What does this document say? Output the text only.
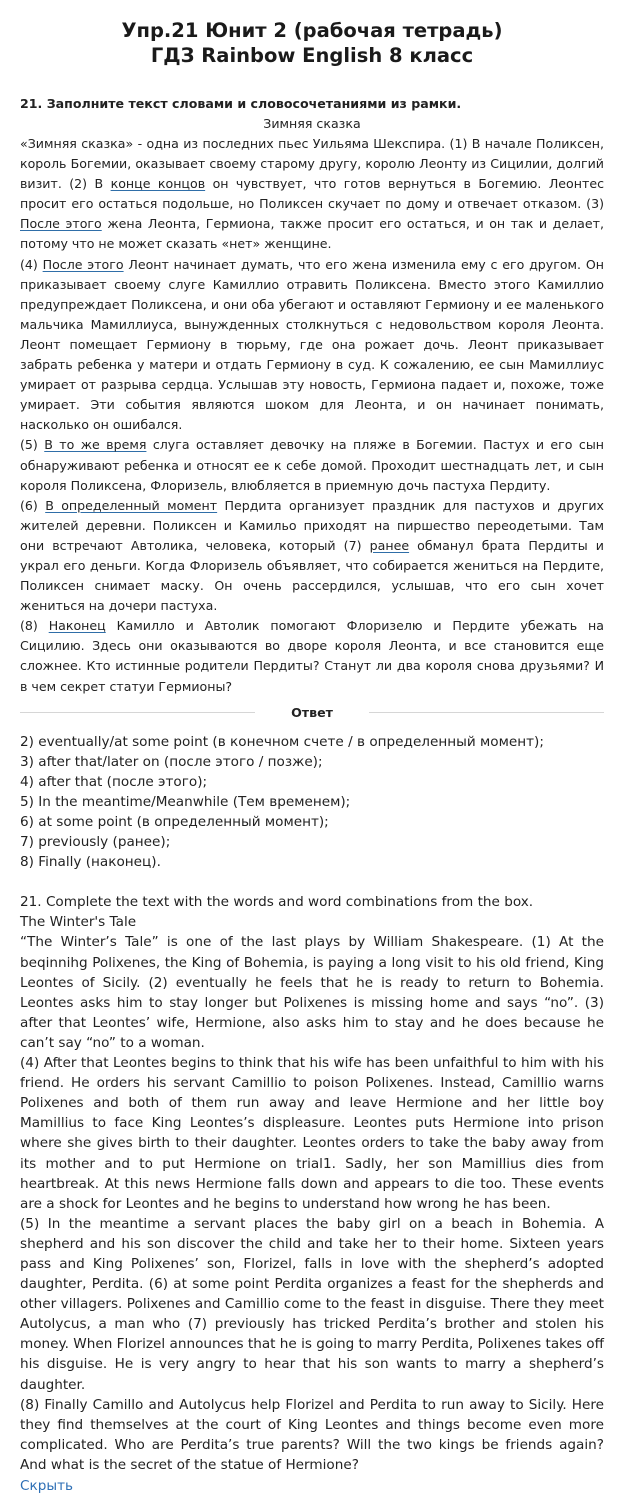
Упр.21 Юнит 2 (рабочая тетрадь)
ГДЗ Rainbow English 8 класс
21. Заполните текст словами и словосочетаниями из рамки.
Зимняя сказка

«Зимняя сказка» - одна из последних пьес Уильяма Шекспира. (1) В начале Поликсен, король Богемии, оказывает своему старому другу, королю Леонту из Сицилии, долгий визит. (2) В конце концов он чувствует, что готов вернуться в Богемию. Леонтес просит его остаться подольше, но Поликсен скучает по дому и отвечает отказом. (3) После этого жена Леонта, Гермиона, также просит его остаться, и он так и делает, потому что не может сказать «нет» женщине.

(4) После этого Леонт начинает думать, что его жена изменила ему с его другом. Он приказывает своему слуге Камиллио отравить Поликсена. Вместо этого Камиллио предупреждает Поликсена, и они оба убегают и оставляют Гермиону и ее маленького мальчика Мамиллиуса, вынужденных столкнуться с недовольством короля Леонта. Леонт помещает Гермиону в тюрьму, где она рожает дочь. Леонт приказывает забрать ребенка у матери и отдать Гермиону в суд. К сожалению, ее сын Мамиллиус умирает от разрыва сердца. Услышав эту новость, Гермиона падает и, похоже, тоже умирает. Эти события являются шоком для Леонта, и он начинает понимать, насколько он ошибался.

(5) В то же время слуга оставляет девочку на пляже в Богемии. Пастух и его сын обнаруживают ребенка и относят ее к себе домой. Проходит шестнадцать лет, и сын короля Поликсена, Флоризель, влюбляется в приемную дочь пастуха Пердиту.

(6) В определенный момент Пердита организует праздник для пастухов и других жителей деревни. Поликсен и Камильо приходят на пиршество переодетыми. Там они встречают Автолика, человека, который (7) ранее обманул брата Пердиты и украл его деньги. Когда Флоризель объявляет, что собирается жениться на Пердите, Поликсен снимает маску. Он очень рассердился, услышав, что его сын хочет жениться на дочери пастуха.

(8) Наконец Камилло и Автолик помогают Флоризелю и Пердите убежать на Сицилию. Здесь они оказываются во дворе короля Леонта, и все становится еще сложнее. Кто истинные родители Пердиты? Станут ли два короля снова друзьями? И в чем секрет статуи Гермионы?

Ответ
2) eventually/at some point (в конечном счете / в определенный момент);
3) after that/later on (после этого / позже);
4) after that (после этого);
5) In the meantime/Meanwhile (Тем временем);
6) at some point (в определенный момент);
7) previously (ранее);
8) Finally (наконец).

21. Complete the text with the words and word combinations from the box.

The Winter's Tale

“The Winter’s Tale” is one of the last plays by William Shakespeare. (1) At the beqinnihg Polixenes, the King of Bohemia, is paying a long visit to his old friend, King Leontes of Sicily. (2) eventually he feels that he is ready to return to Bohemia. Leontes asks him to stay longer but Polixenes is missing home and says “no”. (3) after that Leontes’ wife, Hermione, also asks him to stay and he does because he can’t say “no” to a woman.

(4) After that Leontes begins to think that his wife has been unfaithful to him with his friend. He orders his servant Camillio to poison Polixenes. Instead, Camillio warns Polixenes and both of them run away and leave Hermione and her little boy Mamillius to face King Leontes’s displeasure. Leontes puts Hermione into prison where she gives birth to their daughter. Leontes orders to take the baby away from its mother and to put Hermione on trial1. Sadly, her son Mamillius dies from heartbreak. At this news Hermione falls down and appears to die too. These events are a shock for Leontes and he begins to understand how wrong he has been.

(5) In the meantime a servant places the baby girl on a beach in Bohemia. A shepherd and his son discover the child and take her to their home. Sixteen years pass and King Polixenes’ son, Florizel, falls in love with the shepherd’s adopted daughter, Perdita. (6) at some point Perdita organizes a feast for the shepherds and other villagers. Polixenes and Camillio come to the feast in disguise. There they meet Autolycus, a man who (7) previously has tricked Perdita’s brother and stolen his money. When Florizel announces that he is going to marry Perdita, Polixenes takes off his disguise. He is very angry to hear that his son wants to marry a shepherd’s daughter.

(8) Finally Camillo and Autolycus help Florizel and Perdita to run away to Sicily. Here they find themselves at the court of King Leontes and things become even more complicated. Who are Perdita’s true parents? Will the two kings be friends again? And what is the secret of the statue of Hermione?

Скрыть
